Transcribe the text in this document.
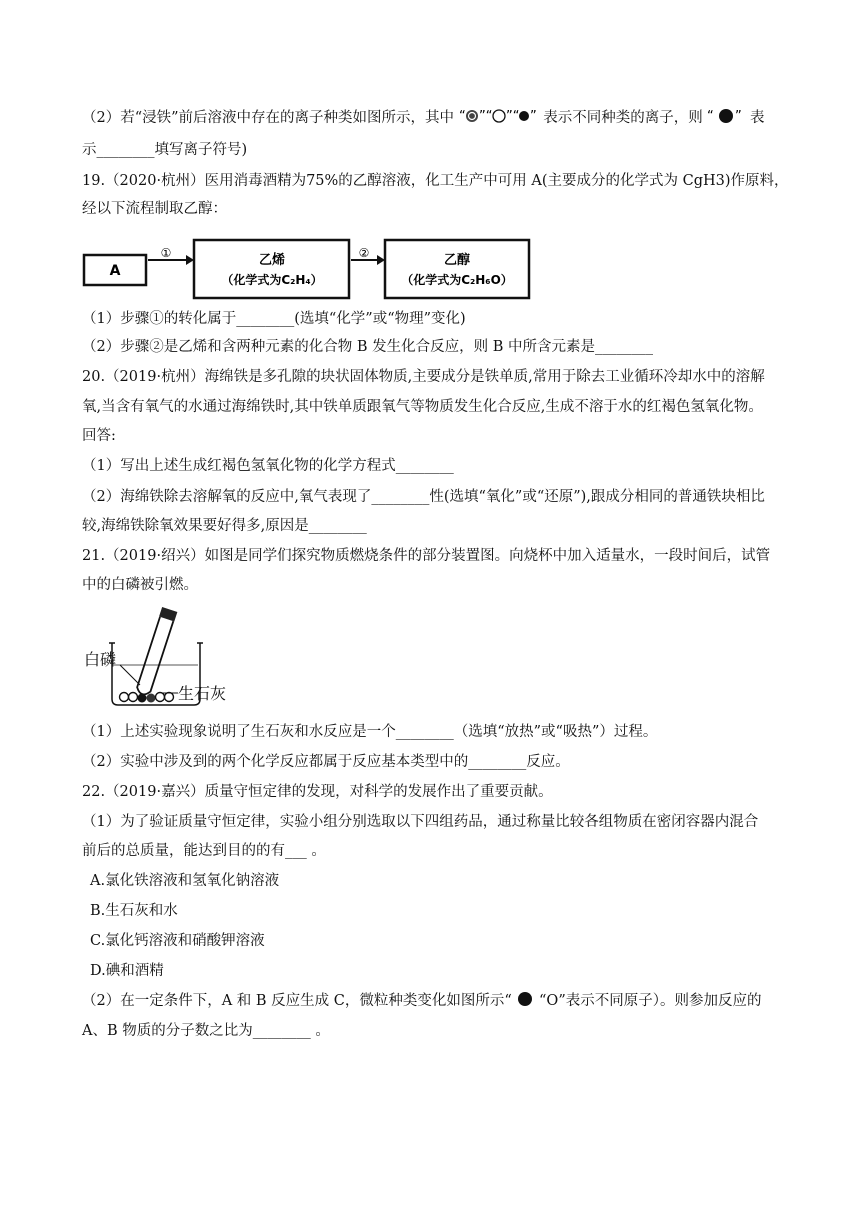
（2）若“浸铁”前后溶液中存在的离子种类如图所示，其中 “ ”“ ”“ ” 表示不同种类的离子，则 “ ” 表
示________填写离子符号)
19.（2020·杭州）医用消毒酒精为75%的乙醇溶液，化工生产中可用 A(主要成分的化学式为 CgH3)作原料，
经以下流程制取乙醇：
A
①	乙烯
（化学式为C₂H₄）
②	乙醇
（化学式为C₂H₆O）
（1）步骤①的转化属于________(选填“化学”或“物理”变化)
（2）步骤②是乙烯和含两种元素的化合物 B 发生化合反应，则 B 中所含元素是________
20.（2019·杭州）海绵铁是多孔隙的块状固体物质,主要成分是铁单质,常用于除去工业循环冷却水中的溶解
氧,当含有氧气的水通过海绵铁时,其中铁单质跟氧气等物质发生化合反应,生成不溶于水的红褐色氢氧化物。
回答:
（1）写出上述生成红褐色氢氧化物的化学方程式________
（2）海绵铁除去溶解氧的反应中,氧气表现了________性(选填“氧化”或“还原”),跟成分相同的普通铁块相比
较,海绵铁除氧效果要好得多,原因是________
21.（2019·绍兴）如图是同学们探究物质燃烧条件的部分装置图。向烧杯中加入适量水，一段时间后，试管
中的白磷被引燃。
白磷
生石灰
（1）上述实验现象说明了生石灰和水反应是一个________（选填“放热”或“吸热”）过程。
（2）实验中涉及到的两个化学反应都属于反应基本类型中的________反应。
22.（2019·嘉兴）质量守恒定律的发现，对科学的发展作出了重要贡献。
（1）为了验证质量守恒定律，实验小组分别选取以下四组药品，通过称量比较各组物质在密闭容器内混合
前后的总质量，能达到目的的有___ 。
A.氯化铁溶液和氢氧化钠溶液
B.生石灰和水
C.氯化钙溶液和硝酸钾溶液
D.碘和酒精
（2）在一定条件下，A 和 B 反应生成 C，微粒种类变化如图所示“ “O”表示不同原子）。则参加反应的
A、B 物质的分子数之比为________ 。
